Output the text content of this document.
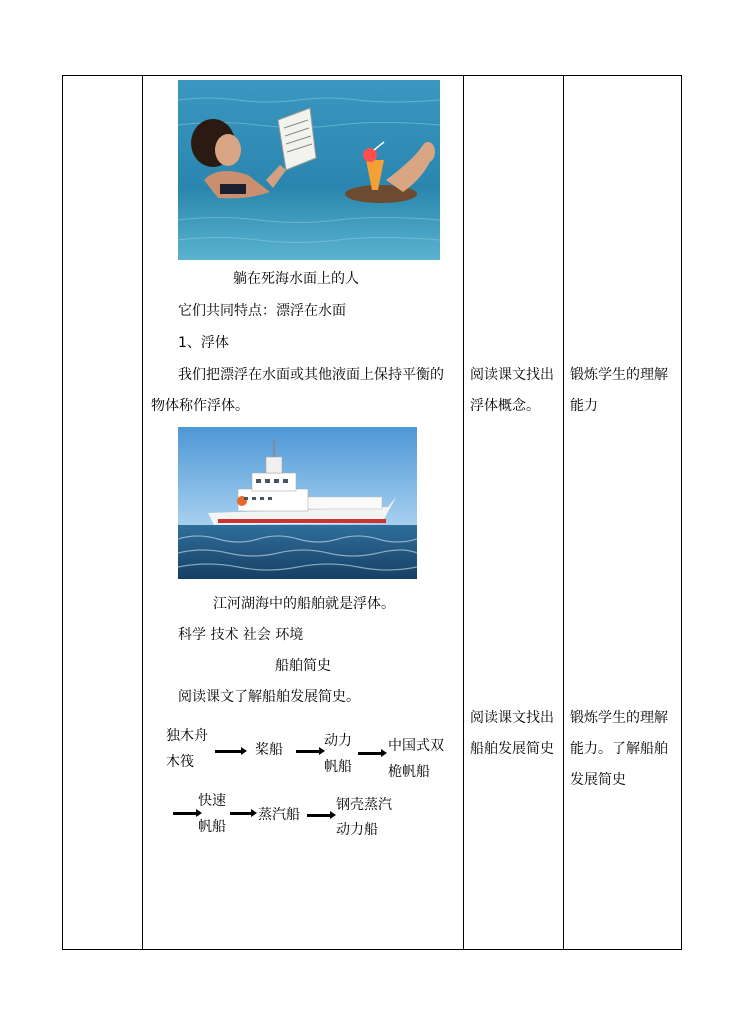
躺在死海水面上的人
它们共同特点：漂浮在水面
1、浮体
我们把漂浮在水面或其他液面上保持平衡的
物体称作浮体。
江河湖海中的船舶就是浮体。
科学 技术 社会 环境
船舶简史
阅读课文了解船舶发展简史。
独木舟
木筏
桨船
动力
帆船
中国式双
桅帆船
快速
帆船
蒸汽船
钢壳蒸汽
动力船
阅读课文找出
浮体概念。
阅读课文找出
船舶发展简史
锻炼学生的理解
能力
锻炼学生的理解
能力。了解船舶
发展简史
